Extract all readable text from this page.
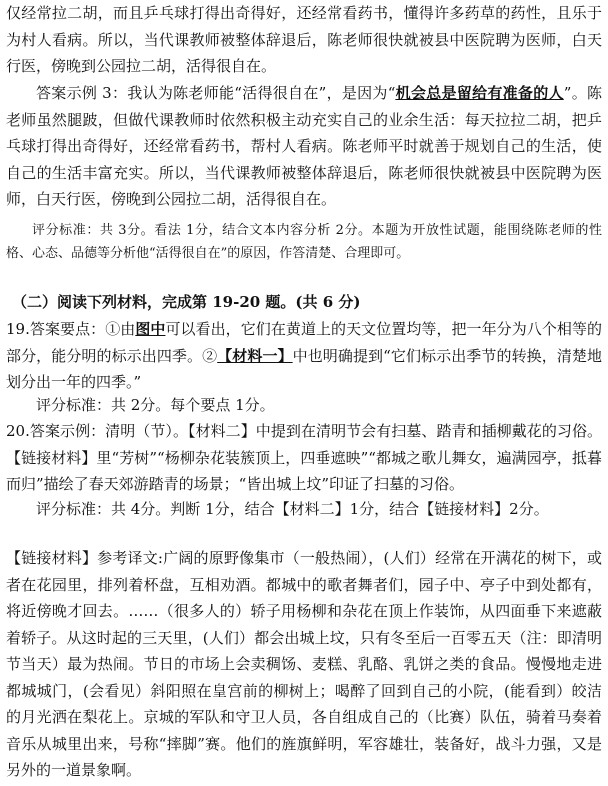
仅经常拉二胡，而且乒乓球打得出奇得好，还经常看药书，懂得许多药草的药性，且乐于为村人看病。所以，当代课教师被整体辞退后，陈老师很快就被县中医院聘为医师，白天行医，傍晚到公园拉二胡，活得很自在。

答案示例 3：我认为陈老师能“活得很自在”，是因为“机会总是留给有准备的人”。陈老师虽然腿跛，但做代课教师时依然积极主动充实自己的业余生活：每天拉拉二胡，把乒乓球打得出奇得好，还经常看药书，帮村人看病。陈老师平时就善于规划自己的生活，使自己的生活丰富充实。所以，当代课教师被整体辞退后，陈老师很快就被县中医院聘为医师，白天行医，傍晚到公园拉二胡，活得很自在。

评分标准：共 3分。看法 1分，结合文本内容分析 2分。本题为开放性试题，能围绕陈老师的性格、心态、品德等分析他“活得很自在”的原因，作答清楚、合理即可。

（二）阅读下列材料，完成第 19-20 题。(共 6 分)

19.答案要点：①由图中可以看出，它们在黄道上的天文位置均等，把一年分为八个相等的部分，能分明的标示出四季。②【材料一】中也明确提到“它们标示出季节的转换，清楚地划分出一年的四季。”

评分标准：共 2分。每个要点 1分。

20.答案示例：清明（节）。【材料二】中提到在清明节会有扫墓、踏青和插柳戴花的习俗。【链接材料】里“芳树”“杨柳杂花装簇顶上，四垂遮映”“都城之歌儿舞女，遍满园亭，抵暮而归”描绘了春天郊游踏青的场景；“皆出城上坟”印证了扫墓的习俗。

评分标准：共 4分。判断 1分，结合【材料二】1分，结合【链接材料】2分。

【链接材料】参考译文:广阔的原野像集市（一般热闹），(人们）经常在开满花的树下，或者在花园里，排列着杯盘，互相劝酒。都城中的歌者舞者们，园子中、亭子中到处都有，将近傍晚才回去。……（很多人的）轿子用杨柳和杂花在顶上作装饰，从四面垂下来遮蔽着轿子。从这时起的三天里，(人们）都会出城上坟，只有冬至后一百零五天（注：即清明节当天）最为热闹。节日的市场上会卖稠饧、麦糕、乳酪、乳饼之类的食品。慢慢地走进都城城门，(会看见）斜阳照在皇宫前的柳树上；喝醉了回到自己的小院，(能看到）皎洁的月光洒在梨花上。京城的军队和守卫人员，各自组成自己的（比赛）队伍，骑着马奏着音乐从城里出来，号称“摔脚”赛。他们的旌旗鲜明，军容雄壮，装备好，战斗力强，又是另外的一道景象啊。
